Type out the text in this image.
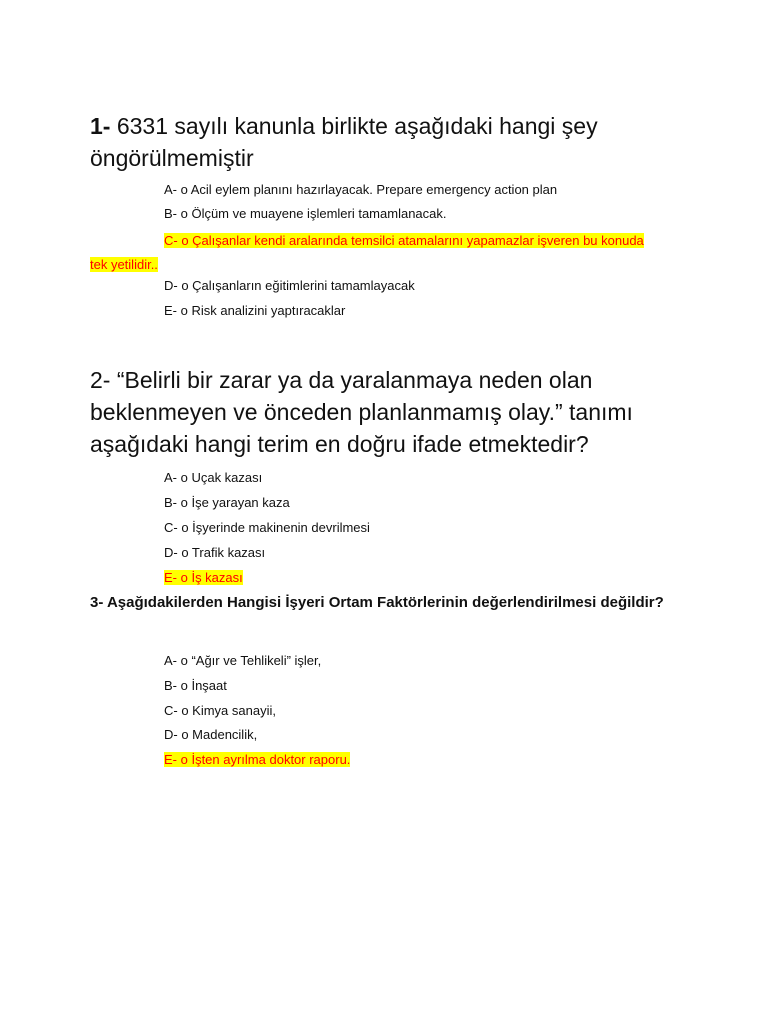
1- 6331 sayılı kanunla birlikte aşağıdaki hangi şey öngörülmemiştir
A- o Acil eylem planını hazırlayacak. Prepare emergency action plan
B- o Ölçüm ve muayene işlemleri tamamlanacak.
C- o Çalışanlar kendi aralarında temsilci atamalarını yapamazlar işveren bu konuda tek yetilidir..
D- o Çalışanların eğitimlerini tamamlayacak
E- o Risk analizini yaptıracaklar
2- “Belirli bir zarar ya da yaralanmaya neden olan beklenmeyen ve önceden planlanmamış olay.” tanımı aşağıdaki hangi terim en doğru ifade etmektedir?
A- o Uçak kazası
B- o İşe yarayan kaza
C- o İşyerinde makinenin devrilmesi
D- o Trafik kazası
E- o İş kazası
3- Aşağıdakilerden Hangisi İşyeri Ortam Faktörlerinin değerlendirilmesi değildir?
A- o “Ağır ve Tehlikeli” işler,
B- o İnşaat
C- o Kimya sanayii,
D- o Madencilik,
E- o İşten ayrılma doktor raporu.
